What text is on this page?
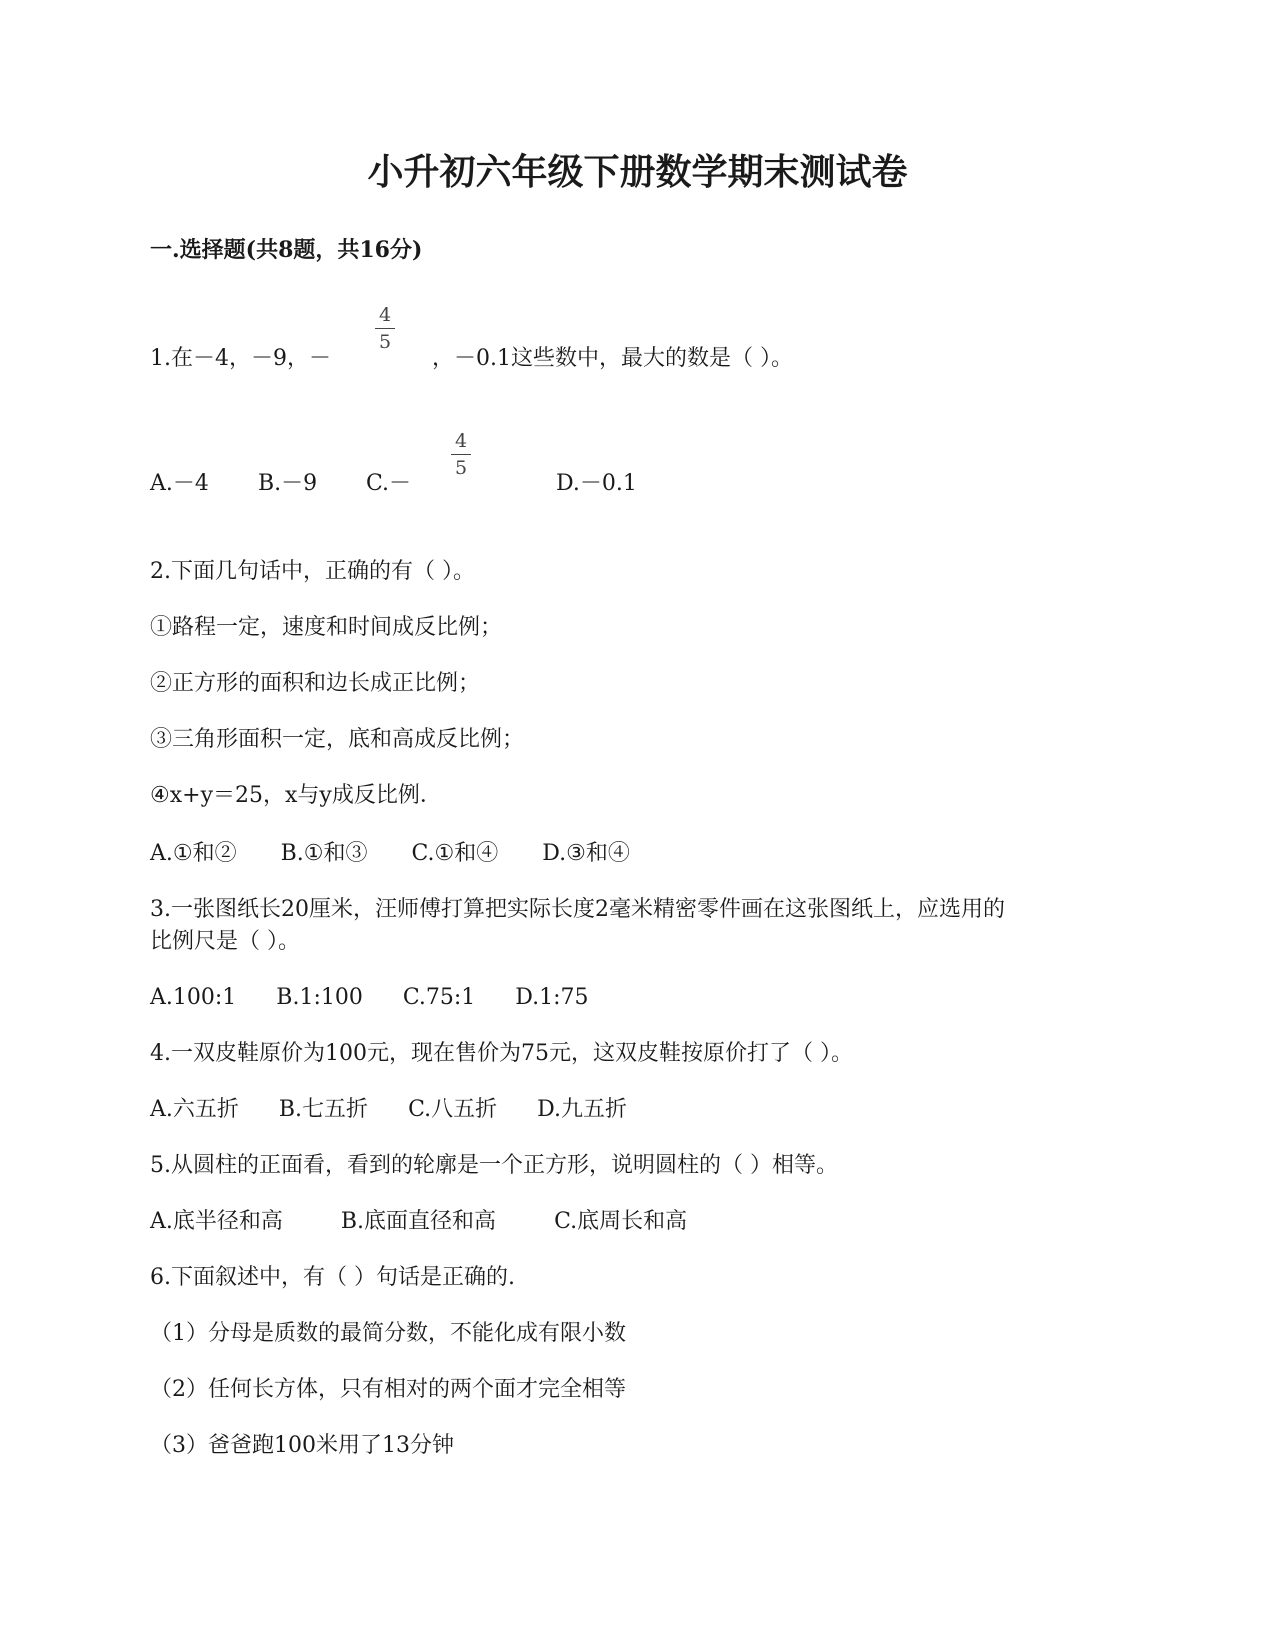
小升初六年级下册数学期末测试卷
一.选择题(共8题，共16分)
1.在－4，－9，－
4
5
，－0.1这些数中，最大的数是（ ）。
A.－4 B.－9 C.－
4
5
D.－0.1
2.下面几句话中，正确的有（ ）。
①路程一定，速度和时间成反比例；
②正方形的面积和边长成正比例；
③三角形面积一定，底和高成反比例；
④x+y＝25，x与y成反比例．
A.①和② B.①和③ C.①和④ D.③和④
3.一张图纸长20厘米，汪师傅打算把实际长度2毫米精密零件画在这张图纸上，应选用的
比例尺是（ ）。
A.100:1 B.1:100 C.75:1 D.1:75
4.一双皮鞋原价为100元，现在售价为75元，这双皮鞋按原价打了（ ）。
A.六五折 B.七五折 C.八五折 D.九五折
5.从圆柱的正面看，看到的轮廓是一个正方形，说明圆柱的（ ）相等。
A.底半径和高	B.底面直径和高	C.底周长和高
6.下面叙述中，有（ ）句话是正确的.
（1）分母是质数的最简分数，不能化成有限小数
（2）任何长方体，只有相对的两个面才完全相等
（3）爸爸跑100米用了13分钟
